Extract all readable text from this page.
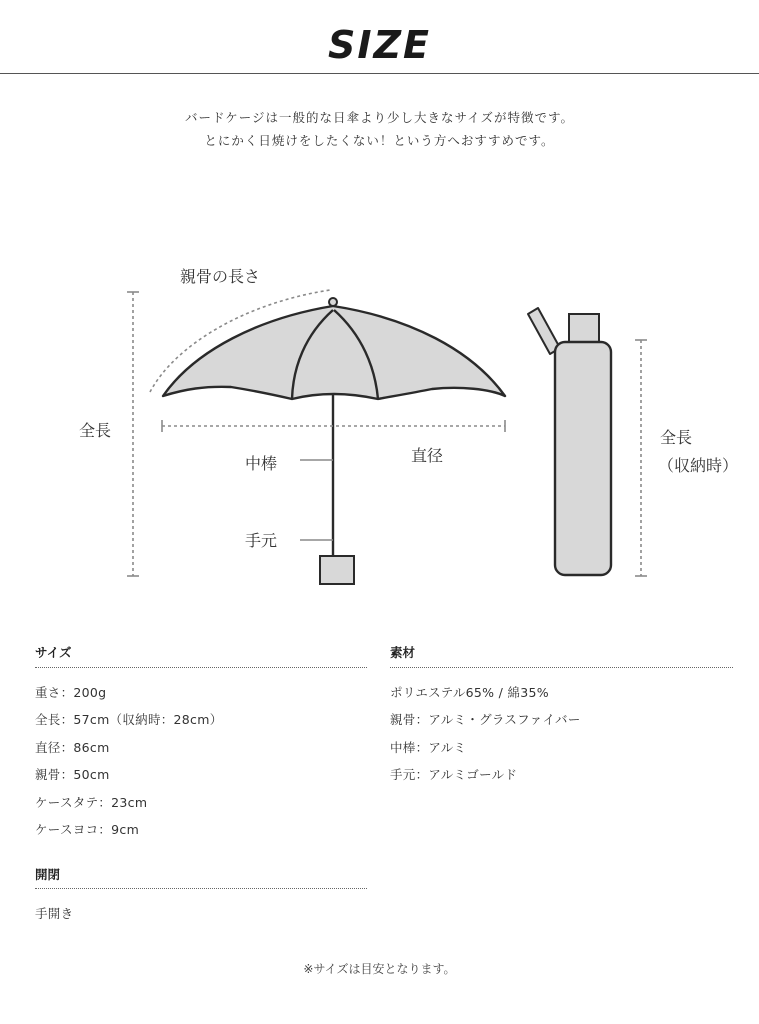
SIZE
バードケージは一般的な日傘より少し大きなサイズが特徴です。
とにかく日焼けをしたくない！という方へおすすめです。
親骨の長さ
全長
中棒	直径
手元
全長
（収納時）
サイズ
重さ：200g
全長：57cm（収納時：28cm）
直径：86cm
親骨：50cm
ケースタテ：23cm
ケースヨコ：9cm
素材
ポリエステル65% / 綿35%
親骨：アルミ・グラスファイバー
中棒：アルミ
手元：アルミゴールド
開閉
手開き
※サイズは目安となります。
